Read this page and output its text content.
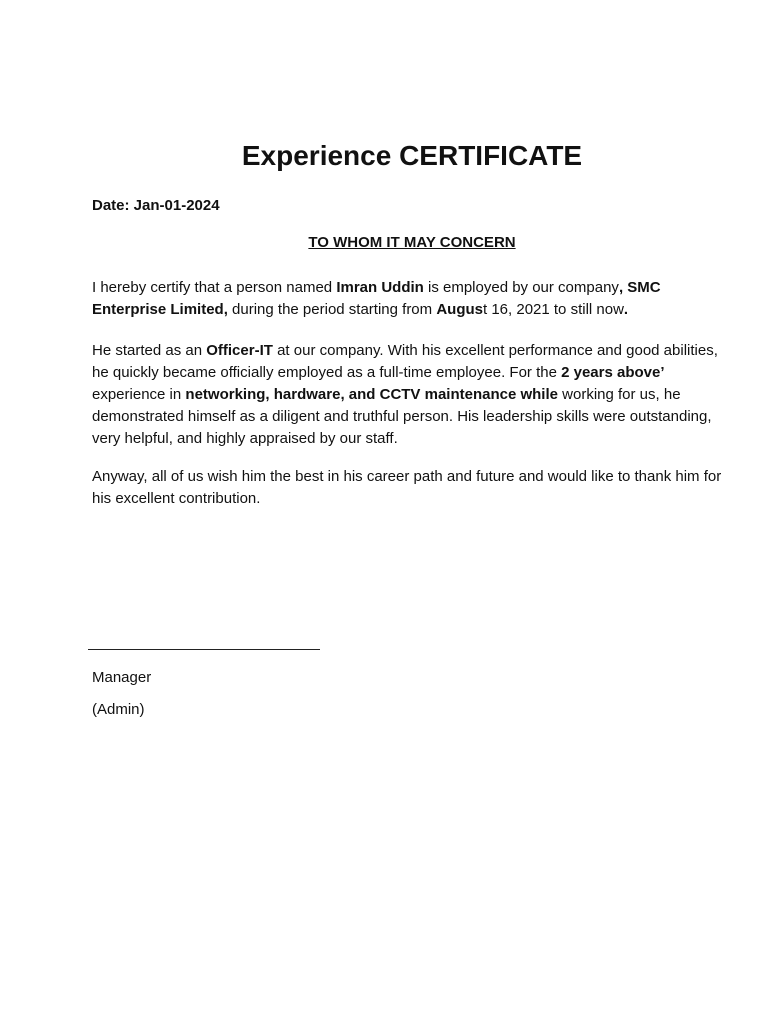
Experience CERTIFICATE
Date: Jan-01-2024
TO WHOM IT MAY CONCERN

I hereby certify that a person named Imran Uddin is employed by our company, SMC Enterprise Limited, during the period starting from August 16, 2021 to still now.

He started as an Officer-IT at our company. With his excellent performance and good abilities, he quickly became officially employed as a full-time employee. For the 2 years above’ experience in networking, hardware, and CCTV maintenance while working for us, he demonstrated himself as a diligent and truthful person. His leadership skills were outstanding, very helpful, and highly appraised by our staff.

Anyway, all of us wish him the best in his career path and future and would like to thank him for his excellent contribution.

Manager
(Admin)
